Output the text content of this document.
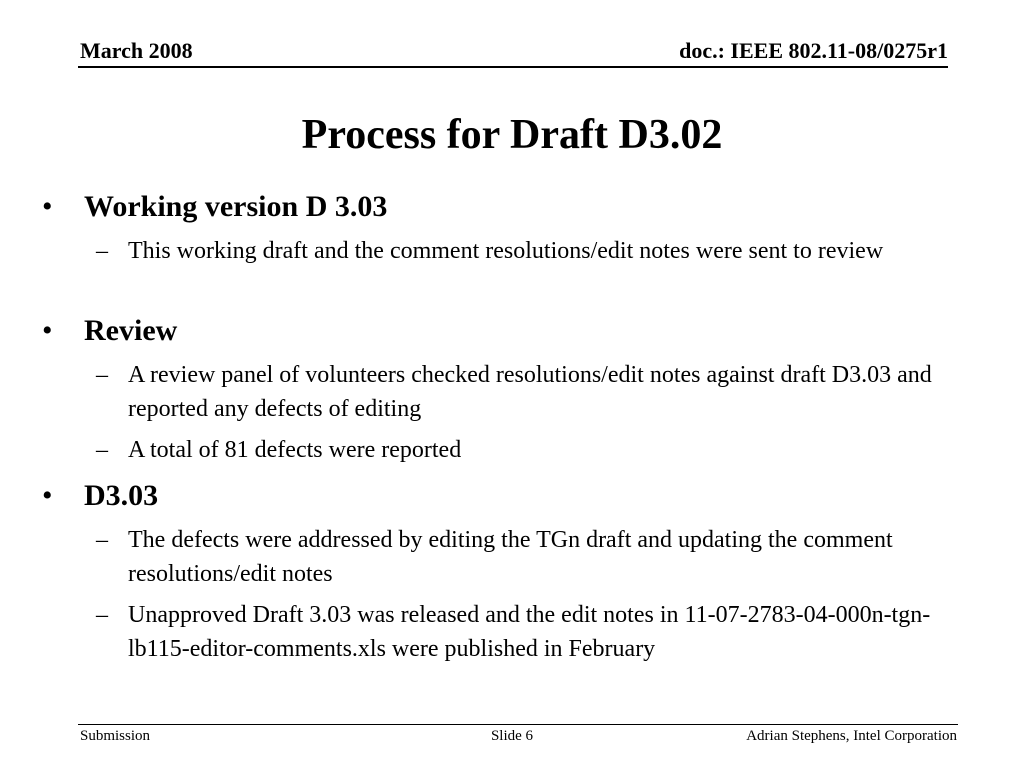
March 2008	doc.: IEEE 802.11-08/0275r1
Process for Draft D3.02
• Working version D 3.03
– This working draft and the comment resolutions/edit notes were sent to review
• Review
– A review panel of volunteers checked resolutions/edit notes against draft D3.03 and reported any defects of editing
– A total of 81 defects were reported
• D3.03
– The defects were addressed by editing the TGn draft and updating the comment resolutions/edit notes
– Unapproved Draft 3.03 was released and the edit notes in 11-07-2783-04-000n-tgn-lb115-editor-comments.xls were published in February
Submission	Slide 6	Adrian Stephens, Intel Corporation
